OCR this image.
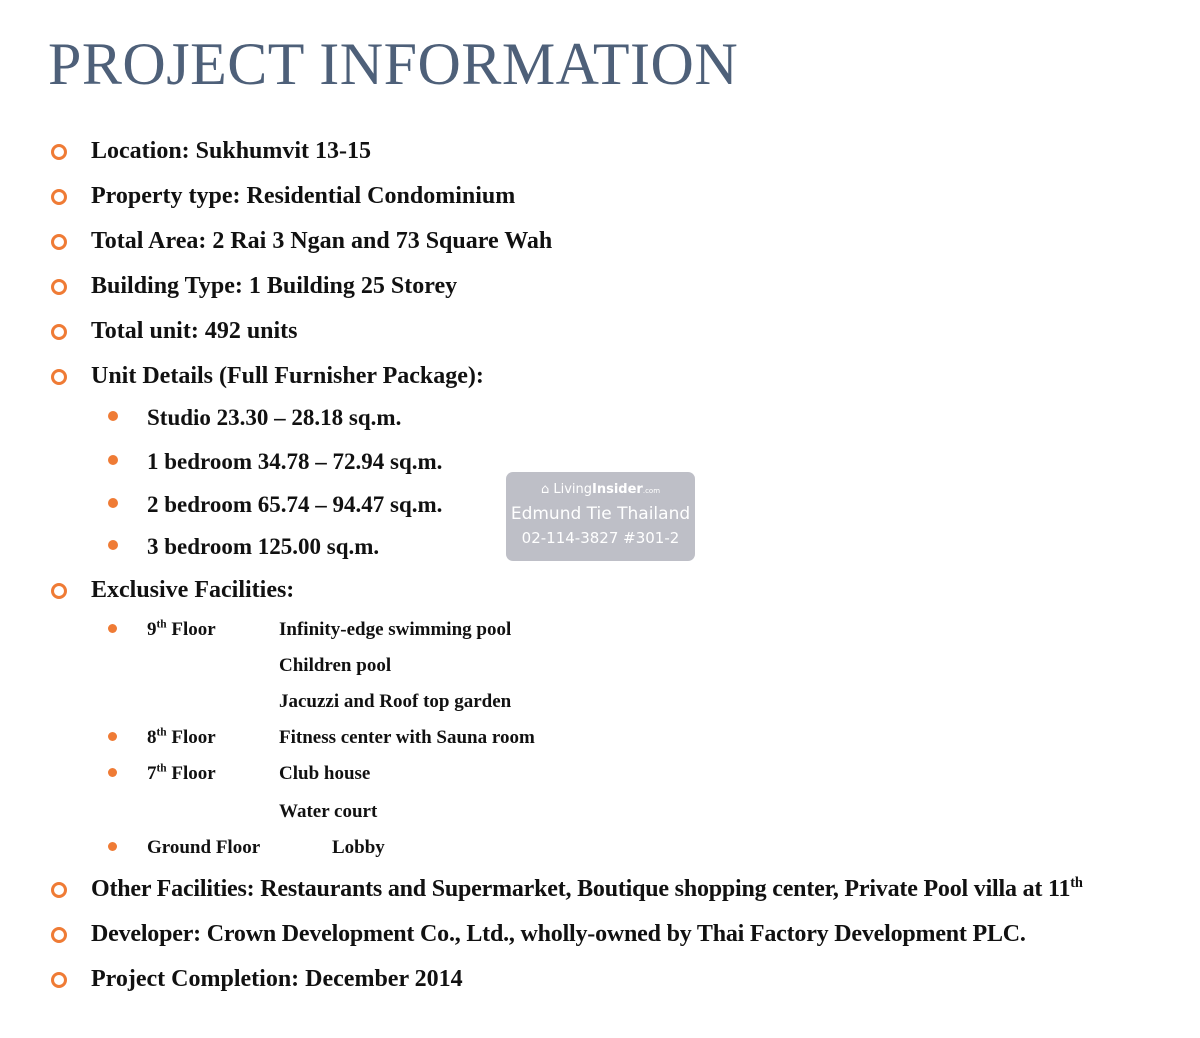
PROJECT INFORMATION
Location: Sukhumvit 13-15
Property type: Residential Condominium
Total Area: 2 Rai 3 Ngan and 73 Square Wah
Building Type: 1 Building 25 Storey
Total unit: 492 units
Unit Details (Full Furnisher Package):
Studio 23.30 – 28.18 sq.m.
1 bedroom 34.78 – 72.94 sq.m.
2 bedroom 65.74 – 94.47 sq.m.
3 bedroom 125.00 sq.m.
Exclusive Facilities:
9th Floor	Infinity-edge swimming pool
Children pool
Jacuzzi and Roof top garden
8th Floor	Fitness center with Sauna room
7th Floor	Club house
Water court
Ground Floor	Lobby
Other Facilities: Restaurants and Supermarket, Boutique shopping center, Private Pool villa at 11th
Developer: Crown Development Co., Ltd., wholly-owned by Thai Factory Development PLC.
Project Completion: December 2014
⌂ LivingInsider.com
Edmund Tie Thailand
02-114-3827 #301-2
